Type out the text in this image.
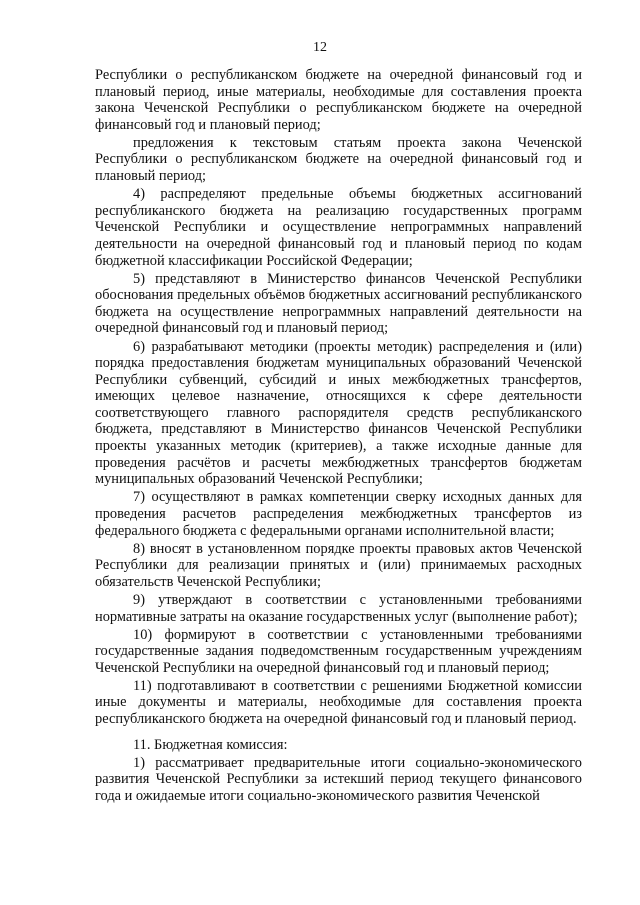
12

Республики о республиканском бюджете на очередной финансовый год и плановый период, иные материалы, необходимые для составления проекта закона Чеченской Республики о республиканском бюджете на очередной финансовый год и плановый период;

предложения к текстовым статьям проекта закона Чеченской Республики о республиканском бюджете на очередной финансовый год и плановый период;

4) распределяют предельные объемы бюджетных ассигнований республиканского бюджета на реализацию государственных программ Чеченской Республики и осуществление непрограммных направлений деятельности на очередной финансовый год и плановый период по кодам бюджетной классификации Российской Федерации;

5) представляют в Министерство финансов Чеченской Республики обоснования предельных объёмов бюджетных ассигнований республиканского бюджета на осуществление непрограммных направлений деятельности на очередной финансовый год и плановый период;

6) разрабатывают методики (проекты методик) распределения и (или) порядка предоставления бюджетам муниципальных образований Чеченской Республики субвенций, субсидий и иных межбюджетных трансфертов, имеющих целевое назначение, относящихся к сфере деятельности соответствующего главного распорядителя средств республиканского бюджета, представляют в Министерство финансов Чеченской Республики проекты указанных методик (критериев), а также исходные данные для проведения расчётов и расчеты межбюджетных трансфертов бюджетам муниципальных образований Чеченской Республики;

7) осуществляют в рамках компетенции сверку исходных данных для проведения расчетов распределения межбюджетных трансфертов из федерального бюджета с федеральными органами исполнительной власти;

8) вносят в установленном порядке проекты правовых актов Чеченской Республики для реализации принятых и (или) принимаемых расходных обязательств Чеченской Республики;

9) утверждают в соответствии с установленными требованиями нормативные затраты на оказание государственных услуг (выполнение работ);

10) формируют в соответствии с установленными требованиями государственные задания подведомственным государственным учреждениям Чеченской Республики на очередной финансовый год и плановый период;

11) подготавливают в соответствии с решениями Бюджетной комиссии иные документы и материалы, необходимые для составления проекта республиканского бюджета на очередной финансовый год и плановый период.

11. Бюджетная комиссия:

1) рассматривает предварительные итоги социально-экономического развития Чеченской Республики за истекший период текущего финансового года и ожидаемые итоги социально-экономического развития Чеченской
